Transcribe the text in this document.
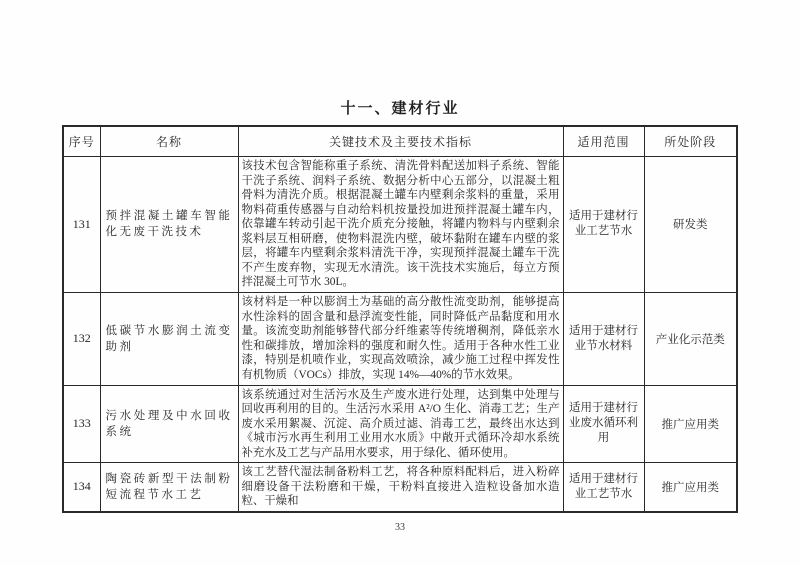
十一、建材行业
序号	名称	关键技术及主要技术指标	适用范围	所处阶段
131	预拌混凝土罐车智能化无废干洗技术	该技术包含智能称重子系统、清洗骨料配送加料子系统、智能干洗子系统、润料子系统、数据分析中心五部分，以混凝土粗骨料为清洗介质。根据混凝土罐车内壁剩余浆料的重量，采用物料荷重传感器与自动给料机按量投加进预拌混凝土罐车内，依靠罐车转动引起干洗介质充分接触，将罐内物料与内壁剩余浆料层互相研磨，使物料混洗内壁，破坏黏附在罐车内壁的浆层，将罐车内壁剩余浆料清洗干净，实现预拌混凝土罐车干洗不产生废弃物，实现无水清洗。该干洗技术实施后，每立方预拌混凝土可节水 30L。	适用于建材行业工艺节水	研发类
132	低碳节水膨润土流变助剂	该材料是一种以膨润土为基础的高分散性流变助剂，能够提高水性涂料的固含量和悬浮流变性能，同时降低产品黏度和用水量。该流变助剂能够替代部分纤维素等传统增稠剂，降低亲水性和碳排放，增加涂料的强度和耐久性。适用于各种水性工业漆，特别是机喷作业，实现高效喷涂，减少施工过程中挥发性有机物质（VOCs）排放，实现 14%—40%的节水效果。	适用于建材行业节水材料	产业化示范类
133	污水处理及中水回收系统	该系统通过对生活污水及生产废水进行处理，达到集中处理与回收再利用的目的。生活污水采用 A²/O 生化、消毒工艺；生产废水采用絮凝、沉淀、高介质过滤、消毒工艺，最终出水达到《城市污水再生利用工业用水水质》中敞开式循环冷却水系统补充水及工艺与产品用水要求，用于绿化、循环使用。	适用于建材行业废水循环利用	推广应用类
134	陶瓷砖新型干法制粉短流程节水工艺	该工艺替代湿法制备粉料工艺，将各种原料配料后，进入粉碎细磨设备干法粉磨和干燥，干粉料直接进入造粒设备加水造粒、干燥和	适用于建材行业工艺节水	推广应用类
33
